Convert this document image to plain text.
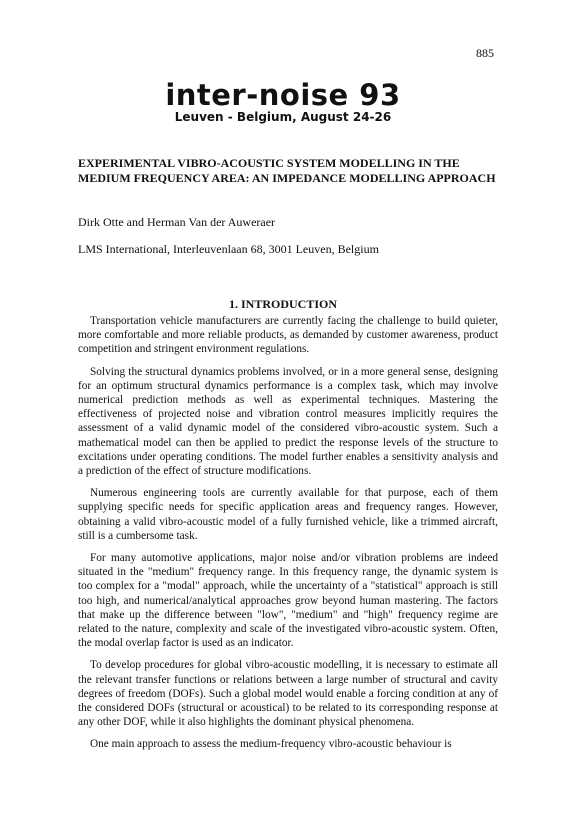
885
inter-noise 93
Leuven - Belgium, August 24-26
EXPERIMENTAL VIBRO-ACOUSTIC SYSTEM MODELLING IN THE MEDIUM FREQUENCY AREA: AN IMPEDANCE MODELLING APPROACH
Dirk Otte and Herman Van der Auweraer
LMS International, Interleuvenlaan 68, 3001 Leuven, Belgium
1. INTRODUCTION

Transportation vehicle manufacturers are currently facing the challenge to build quieter, more comfortable and more reliable products, as demanded by customer awareness, product competition and stringent environment regulations.

Solving the structural dynamics problems involved, or in a more general sense, designing for an optimum structural dynamics performance is a complex task, which may involve numerical prediction methods as well as experimental techniques. Mastering the effectiveness of projected noise and vibration control measures implicitly requires the assessment of a valid dynamic model of the considered vibro-acoustic system. Such a mathematical model can then be applied to predict the response levels of the structure to excitations under operating conditions. The model further enables a sensitivity analysis and a prediction of the effect of structure modifications.

Numerous engineering tools are currently available for that purpose, each of them supplying specific needs for specific application areas and frequency ranges. However, obtaining a valid vibro-acoustic model of a fully furnished vehicle, like a trimmed aircraft, still is a cumbersome task.

For many automotive applications, major noise and/or vibration problems are indeed situated in the "medium" frequency range. In this frequency range, the dynamic system is too complex for a "modal" approach, while the uncertainty of a "statistical" approach is still too high, and numerical/analytical approaches grow beyond human mastering. The factors that make up the difference between "low", "medium" and "high" frequency regime are related to the nature, complexity and scale of the investigated vibro-acoustic system. Often, the modal overlap factor is used as an indicator.

To develop procedures for global vibro-acoustic modelling, it is necessary to estimate all the relevant transfer functions or relations between a large number of structural and cavity degrees of freedom (DOFs). Such a global model would enable a forcing condition at any of the considered DOFs (structural or acoustical) to be related to its corresponding response at any other DOF, while it also highlights the dominant physical phenomena.

One main approach to assess the medium-frequency vibro-acoustic behaviour is
